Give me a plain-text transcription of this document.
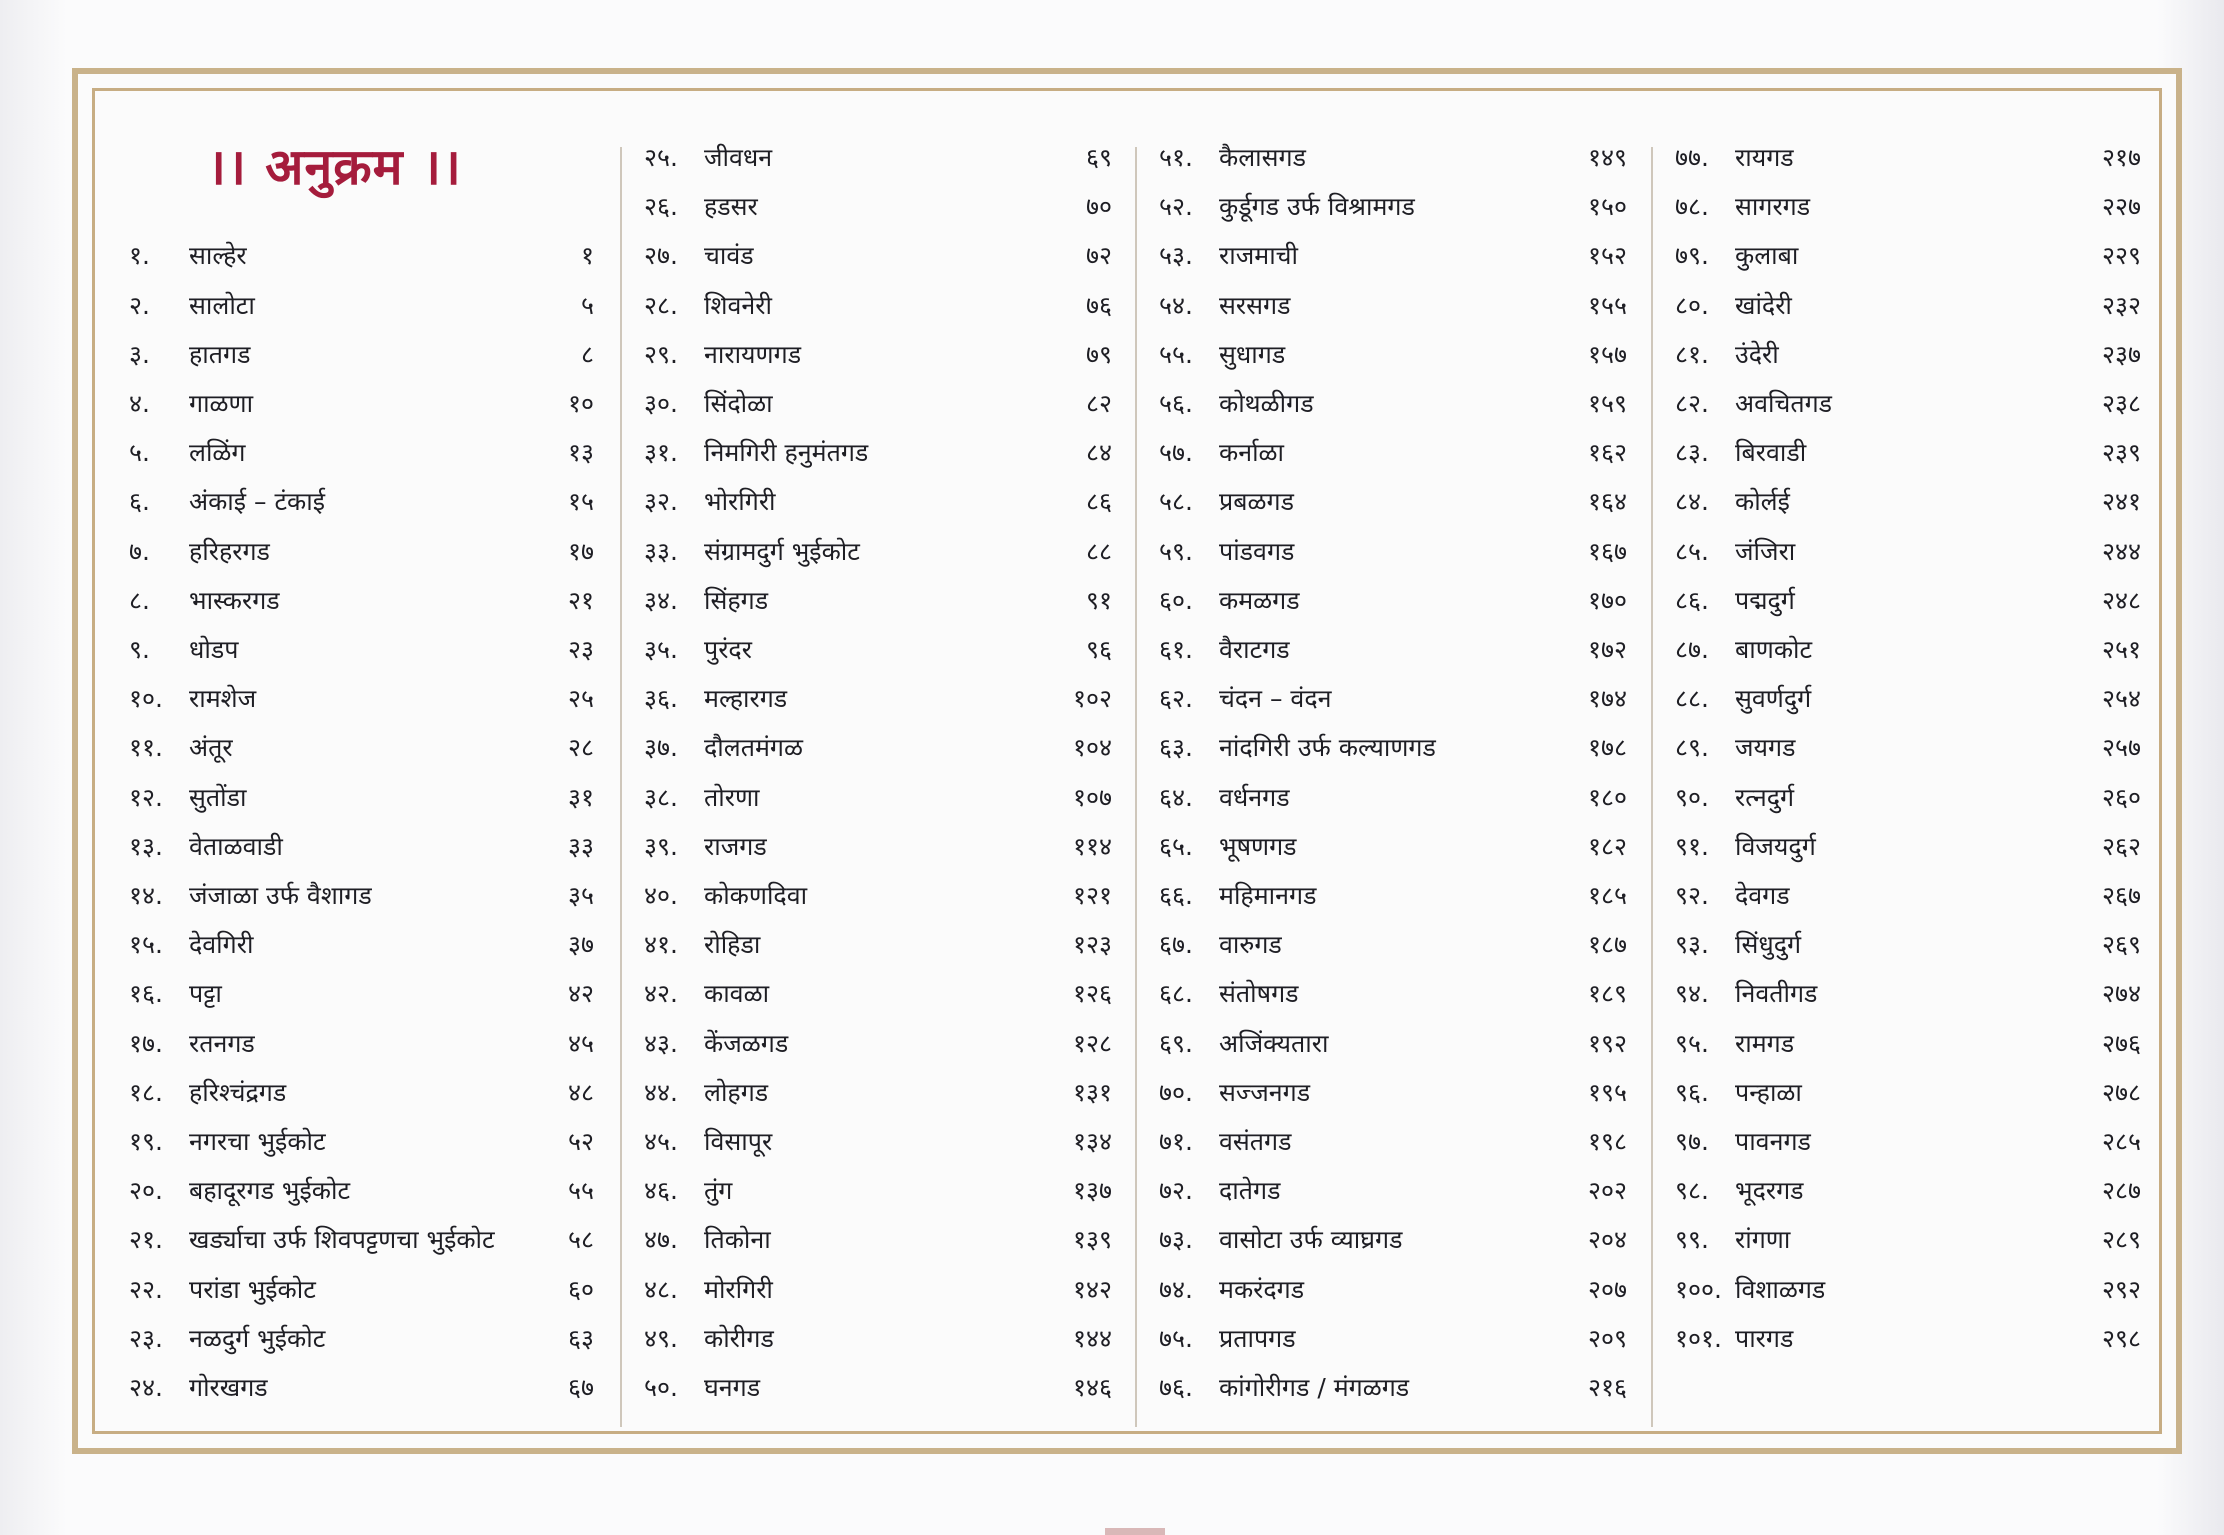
।। अनुक्रम ।।
१. साल्हेर	१
२. सालोटा	५
३. हातगड	८
४. गाळणा	१०
५. लळिंग	१३
६. अंकाई – टंकाई	१५
७. हरिहरगड	१७
८. भास्करगड	२१
९. धोडप	२३
१०. रामशेज	२५
११. अंतूर	२८
१२. सुतोंडा	३१
१३. वेताळवाडी	३३
१४. जंजाळा उर्फ वैशागड	३५
१५. देवगिरी	३७
१६. पट्टा	४२
१७. रतनगड	४५
१८. हरिश्चंद्रगड	४८
१९. नगरचा भुईकोट	५२
२०. बहादूरगड भुईकोट	५५
२१. खर्ड्याचा उर्फ शिवपट्टणचा भुईकोट	५८
२२. परांडा भुईकोट	६०
२३. नळदुर्ग भुईकोट	६३
२४. गोरखगड	६७
२५. जीवधन	६९
२६. हडसर	७०
२७. चावंड	७२
२८. शिवनेरी	७६
२९. नारायणगड	७९
३०. सिंदोळा	८२
३१. निमगिरी हनुमंतगड	८४
३२. भोरगिरी	८६
३३. संग्रामदुर्ग भुईकोट	८८
३४. सिंहगड	९१
३५. पुरंदर	९६
३६. मल्हारगड	१०२
३७. दौलतमंगळ	१०४
३८. तोरणा	१०७
३९. राजगड	११४
४०. कोकणदिवा	१२१
४१. रोहिडा	१२३
४२. कावळा	१२६
४३. केंजळगड	१२८
४४. लोहगड	१३१
४५. विसापूर	१३४
४६. तुंग	१३७
४७. तिकोना	१३९
४८. मोरगिरी	१४२
४९. कोरीगड	१४४
५०. घनगड	१४६
५१. कैलासगड	१४९
५२. कुर्डूगड उर्फ विश्रामगड	१५०
५३. राजमाची	१५२
५४. सरसगड	१५५
५५. सुधागड	१५७
५६. कोथळीगड	१५९
५७. कर्नाळा	१६२
५८. प्रबळगड	१६४
५९. पांडवगड	१६७
६०. कमळगड	१७०
६१. वैराटगड	१७२
६२. चंदन – वंदन	१७४
६३. नांदगिरी उर्फ कल्याणगड	१७८
६४. वर्धनगड	१८०
६५. भूषणगड	१८२
६६. महिमानगड	१८५
६७. वारुगड	१८७
६८. संतोषगड	१८९
६९. अजिंक्यतारा	१९२
७०. सज्जनगड	१९५
७१. वसंतगड	१९८
७२. दातेगड	२०२
७३. वासोटा उर्फ व्याघ्रगड	२०४
७४. मकरंदगड	२०७
७५. प्रतापगड	२०९
७६. कांगोरीगड / मंगळगड	२१६
७७. रायगड	२१७
७८. सागरगड	२२७
७९. कुलाबा	२२९
८०. खांदेरी	२३२
८१. उंदेरी	२३७
८२. अवचितगड	२३८
८३. बिरवाडी	२३९
८४. कोर्लई	२४१
८५. जंजिरा	२४४
८६. पद्मदुर्ग	२४८
८७. बाणकोट	२५१
८८. सुवर्णदुर्ग	२५४
८९. जयगड	२५७
९०. रत्नदुर्ग	२६०
९१. विजयदुर्ग	२६२
९२. देवगड	२६७
९३. सिंधुदुर्ग	२६९
९४. निवतीगड	२७४
९५. रामगड	२७६
९६. पन्हाळा	२७८
९७. पावनगड	२८५
९८. भूदरगड	२८७
९९. रांगणा	२८९
१००. विशाळगड	२९२
१०१. पारगड	२९८
